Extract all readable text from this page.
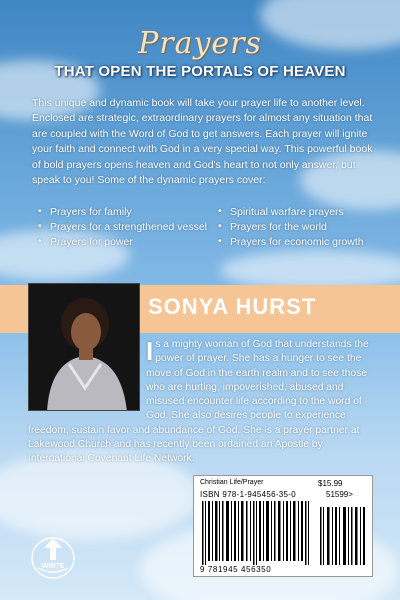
Prayers
THAT OPEN THE PORTALS OF HEAVEN

This unique and dynamic book will take your prayer life to another level. Enclosed are strategic, extraordinary prayers for almost any situation that are coupled with the Word of God to get answers. Each prayer will ignite your faith and connect with God in a very special way. This powerful book of bold prayers opens heaven and God's heart to not only answer, but speak to you! Some of the dynamic prayers cover:

• Prayers for family	• Spiritual warfare prayers
• Prayers for a strengthened vessel	• Prayers for the world
• Prayers for power	• Prayers for economic growth
SONYA HURST
I s a mighty woman of God that understands the power of prayer. She has a hunger to see the move of God in the earth realm and to see those who are hurting, impoverished, abused and misused encounter life according to the word of God. She also desires people to experience freedom, sustain favor and abundance of God. She is a prayer partner at Lakewood Church and has recently been ordained an Apostle by International Covenant Life Network.
Christian Life/Prayer	$15.99
ISBN 978-1-945456-35-0	51599>
9 781945 456350
WRITE
